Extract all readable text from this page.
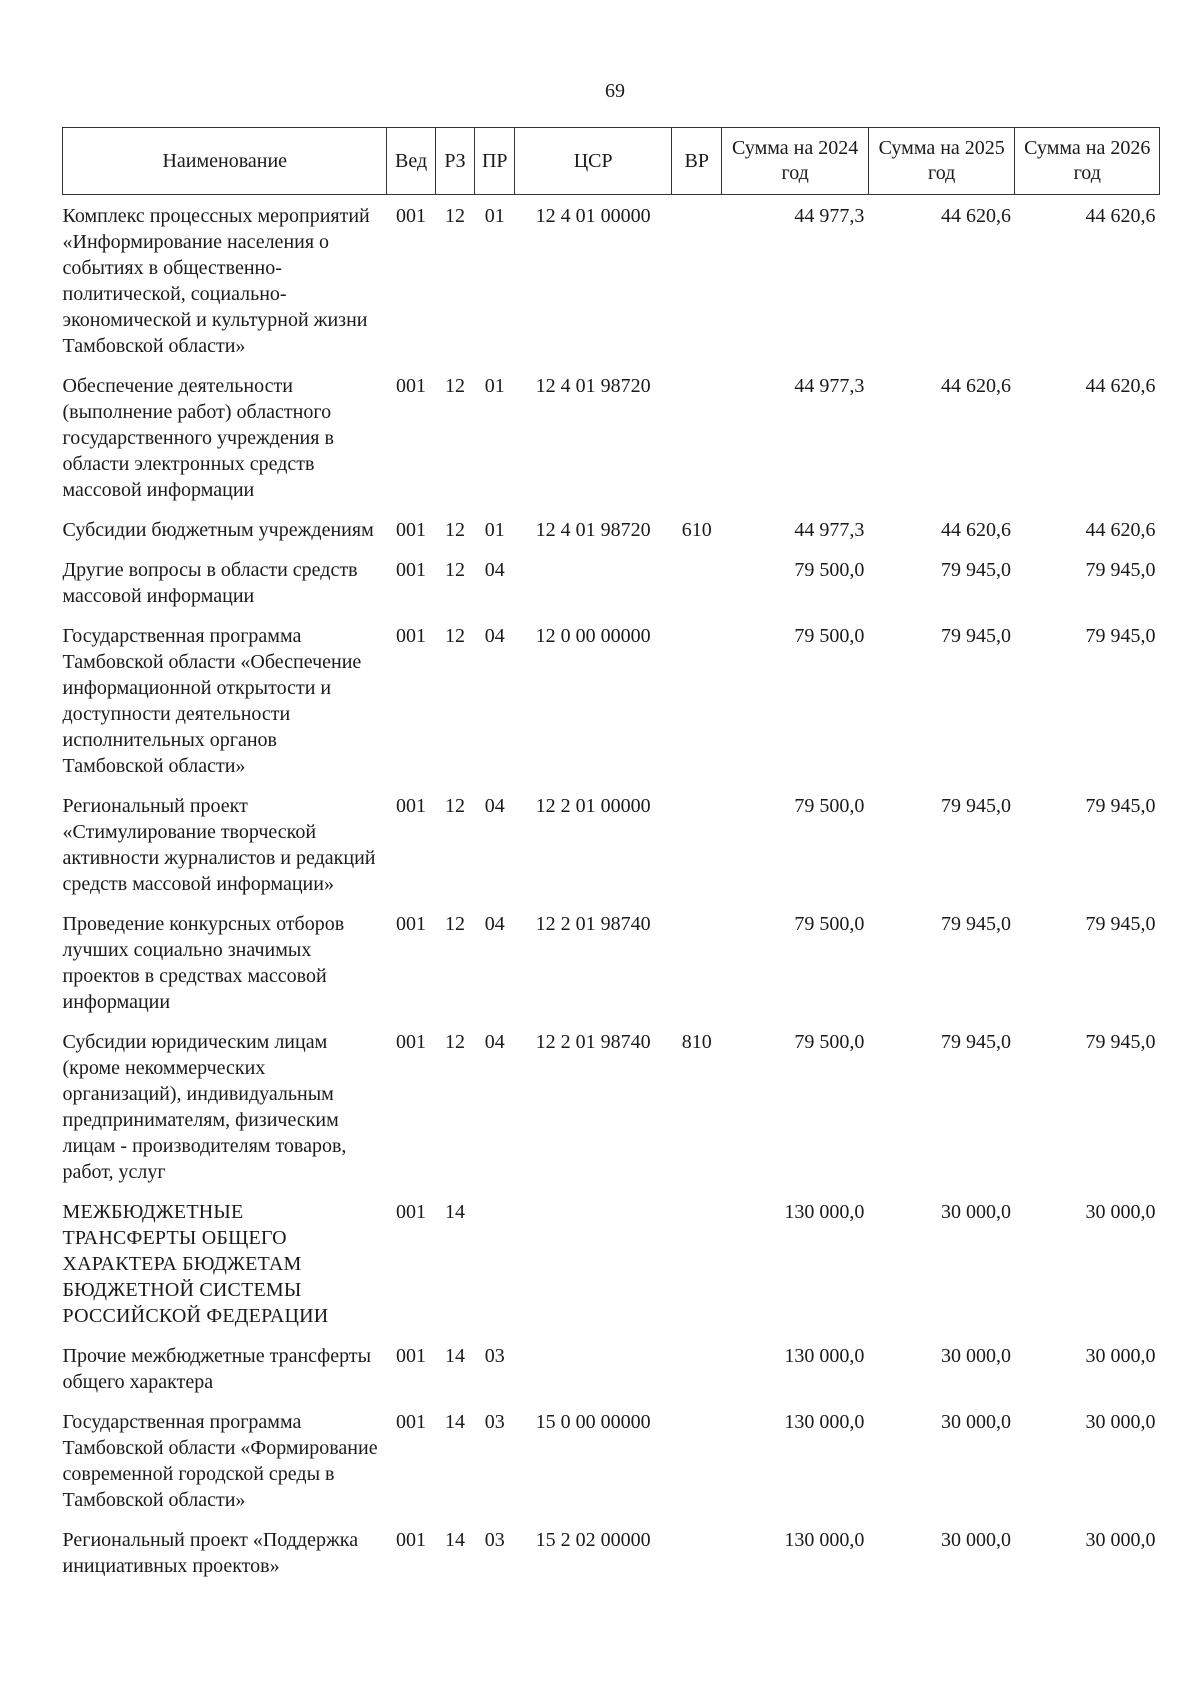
69
Наименование	Вед	РЗ	ПР	ЦСР	ВР	Сумма на 2024 год	Сумма на 2025 год	Сумма на 2026 год
Комплекс процессных мероприятий «Информирование населения о событиях в общественно-политической, социально-экономической и культурной жизни Тамбовской области»	001	12	01	12 4 01 00000		44 977,3	44 620,6	44 620,6
Обеспечение деятельности (выполнение работ) областного государственного учреждения в области электронных средств массовой информации	001	12	01	12 4 01 98720		44 977,3	44 620,6	44 620,6
Субсидии бюджетным учреждениям	001	12	01	12 4 01 98720	610	44 977,3	44 620,6	44 620,6
Другие вопросы в области средств массовой информации	001	12	04			79 500,0	79 945,0	79 945,0
Государственная программа Тамбовской области «Обеспечение информационной открытости и доступности деятельности исполнительных органов Тамбовской области»	001	12	04	12 0 00 00000		79 500,0	79 945,0	79 945,0
Региональный проект «Стимулирование творческой активности журналистов и редакций средств массовой информации»	001	12	04	12 2 01 00000		79 500,0	79 945,0	79 945,0
Проведение конкурсных отборов лучших социально значимых проектов в средствах массовой информации	001	12	04	12 2 01 98740		79 500,0	79 945,0	79 945,0
Субсидии юридическим лицам (кроме некоммерческих организаций), индивидуальным предпринимателям, физическим лицам - производителям товаров, работ, услуг	001	12	04	12 2 01 98740	810	79 500,0	79 945,0	79 945,0
МЕЖБЮДЖЕТНЫЕ ТРАНСФЕРТЫ ОБЩЕГО ХАРАКТЕРА БЮДЖЕТАМ БЮДЖЕТНОЙ СИСТЕМЫ РОССИЙСКОЙ ФЕДЕРАЦИИ	001	14				130 000,0	30 000,0	30 000,0
Прочие межбюджетные трансферты общего характера	001	14	03			130 000,0	30 000,0	30 000,0
Государственная программа Тамбовской области «Формирование современной городской среды в Тамбовской области»	001	14	03	15 0 00 00000		130 000,0	30 000,0	30 000,0
Региональный проект «Поддержка инициативных проектов»	001	14	03	15 2 02 00000		130 000,0	30 000,0	30 000,0
